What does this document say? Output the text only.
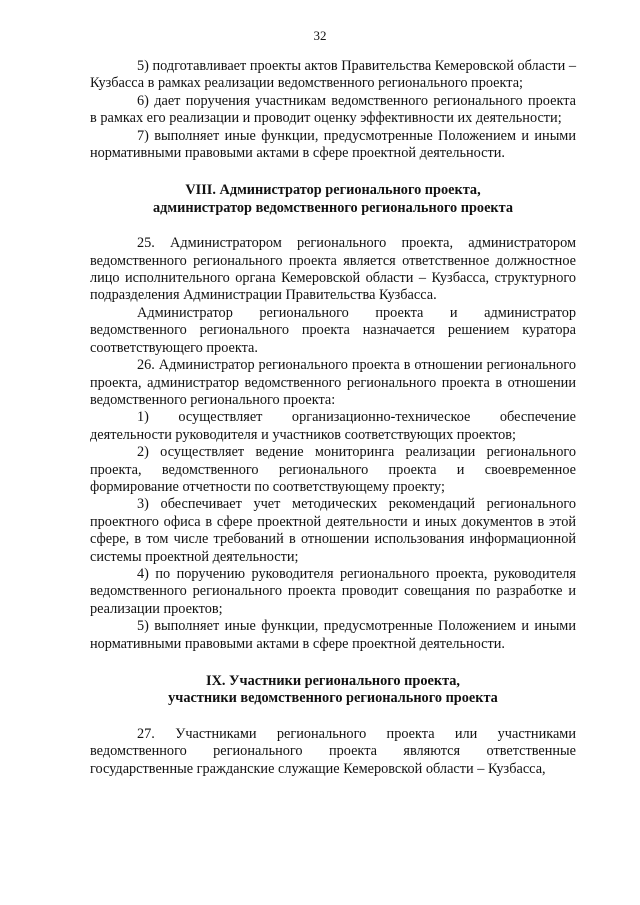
32

5) подготавливает проекты актов Правительства Кемеровской области – Кузбасса в рамках реализации ведомственного регионального проекта;

6) дает поручения участникам ведомственного регионального проекта в рамках его реализации и проводит оценку эффективности их деятельности;

7) выполняет иные функции, предусмотренные Положением и иными нормативными правовыми актами в сфере проектной деятельности.

VIII. Администратор регионального проекта,
администратор ведомственного регионального проекта

25. Администратором регионального проекта, администратором ведомственного регионального проекта является ответственное должностное лицо исполнительного органа Кемеровской области – Кузбасса, структурного подразделения Администрации Правительства Кузбасса.

Администратор регионального проекта и администратор ведомственного регионального проекта назначается решением куратора соответствующего проекта.

26. Администратор регионального проекта в отношении регионального проекта, администратор ведомственного регионального проекта в отношении ведомственного регионального проекта:

1) осуществляет организационно-техническое обеспечение деятельности руководителя и участников соответствующих проектов;

2) осуществляет ведение мониторинга реализации регионального проекта, ведомственного регионального проекта и своевременное формирование отчетности по соответствующему проекту;

3) обеспечивает учет методических рекомендаций регионального проектного офиса в сфере проектной деятельности и иных документов в этой сфере, в том числе требований в отношении использования информационной системы проектной деятельности;

4) по поручению руководителя регионального проекта, руководителя ведомственного регионального проекта проводит совещания по разработке и реализации проектов;

5) выполняет иные функции, предусмотренные Положением и иными нормативными правовыми актами в сфере проектной деятельности.

IX. Участники регионального проекта,
участники ведомственного регионального проекта

27. Участниками регионального проекта или участниками ведомственного регионального проекта являются ответственные государственные гражданские служащие Кемеровской области – Кузбасса,
